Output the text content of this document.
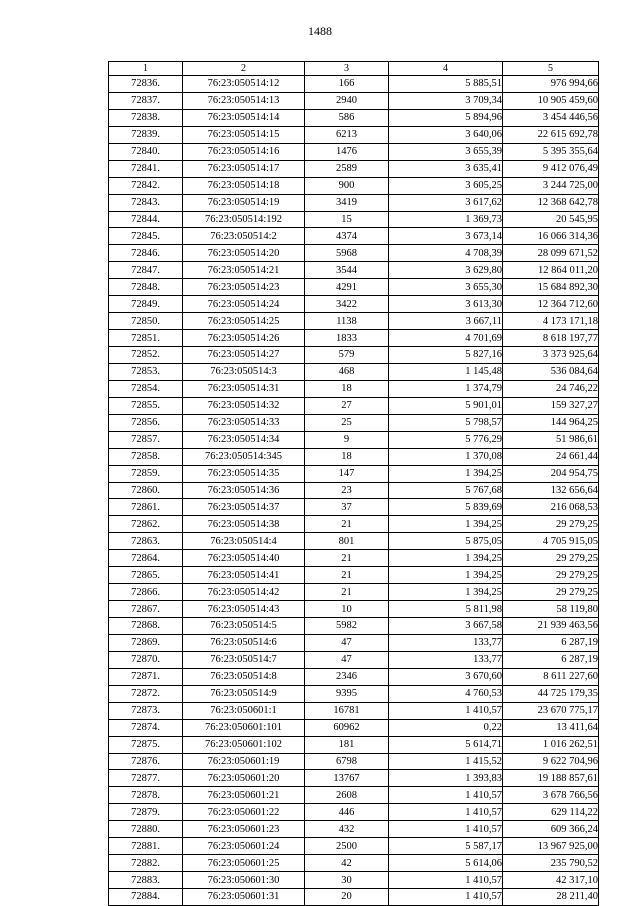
1488
1	2	3	4	5
72836.	76:23:050514:12	166	5 885,51	976 994,66
72837.	76:23:050514:13	2940	3 709,34	10 905 459,60
72838.	76:23:050514:14	586	5 894,96	3 454 446,56
72839.	76:23:050514:15	6213	3 640,06	22 615 692,78
72840.	76:23:050514:16	1476	3 655,39	5 395 355,64
72841.	76:23:050514:17	2589	3 635,41	9 412 076,49
72842.	76:23:050514:18	900	3 605,25	3 244 725,00
72843.	76:23:050514:19	3419	3 617,62	12 368 642,78
72844.	76:23:050514:192	15	1 369,73	20 545,95
72845.	76:23:050514:2	4374	3 673,14	16 066 314,36
72846.	76:23:050514:20	5968	4 708,39	28 099 671,52
72847.	76:23:050514:21	3544	3 629,80	12 864 011,20
72848.	76:23:050514:23	4291	3 655,30	15 684 892,30
72849.	76:23:050514:24	3422	3 613,30	12 364 712,60
72850.	76:23:050514:25	1138	3 667,11	4 173 171,18
72851.	76:23:050514:26	1833	4 701,69	8 618 197,77
72852.	76:23:050514:27	579	5 827,16	3 373 925,64
72853.	76:23:050514:3	468	1 145,48	536 084,64
72854.	76:23:050514:31	18	1 374,79	24 746,22
72855.	76:23:050514:32	27	5 901,01	159 327,27
72856.	76:23:050514:33	25	5 798,57	144 964,25
72857.	76:23:050514:34	9	5 776,29	51 986,61
72858.	76:23:050514:345	18	1 370,08	24 661,44
72859.	76:23:050514:35	147	1 394,25	204 954,75
72860.	76:23:050514:36	23	5 767,68	132 656,64
72861.	76:23:050514:37	37	5 839,69	216 068,53
72862.	76:23:050514:38	21	1 394,25	29 279,25
72863.	76:23:050514:4	801	5 875,05	4 705 915,05
72864.	76:23:050514:40	21	1 394,25	29 279,25
72865.	76:23:050514:41	21	1 394,25	29 279,25
72866.	76:23:050514:42	21	1 394,25	29 279,25
72867.	76:23:050514:43	10	5 811,98	58 119,80
72868.	76:23:050514:5	5982	3 667,58	21 939 463,56
72869.	76:23:050514:6	47	133,77	6 287,19
72870.	76:23:050514:7	47	133,77	6 287,19
72871.	76:23:050514:8	2346	3 670,60	8 611 227,60
72872.	76:23:050514:9	9395	4 760,53	44 725 179,35
72873.	76:23:050601:1	16781	1 410,57	23 670 775,17
72874.	76:23:050601:101	60962	0,22	13 411,64
72875.	76:23:050601:102	181	5 614,71	1 016 262,51
72876.	76:23:050601:19	6798	1 415,52	9 622 704,96
72877.	76:23:050601:20	13767	1 393,83	19 188 857,61
72878.	76:23:050601:21	2608	1 410,57	3 678 766,56
72879.	76:23:050601:22	446	1 410,57	629 114,22
72880.	76:23:050601:23	432	1 410,57	609 366,24
72881.	76:23:050601:24	2500	5 587,17	13 967 925,00
72882.	76:23:050601:25	42	5 614,06	235 790,52
72883.	76:23:050601:30	30	1 410,57	42 317,10
72884.	76:23:050601:31	20	1 410,57	28 211,40
